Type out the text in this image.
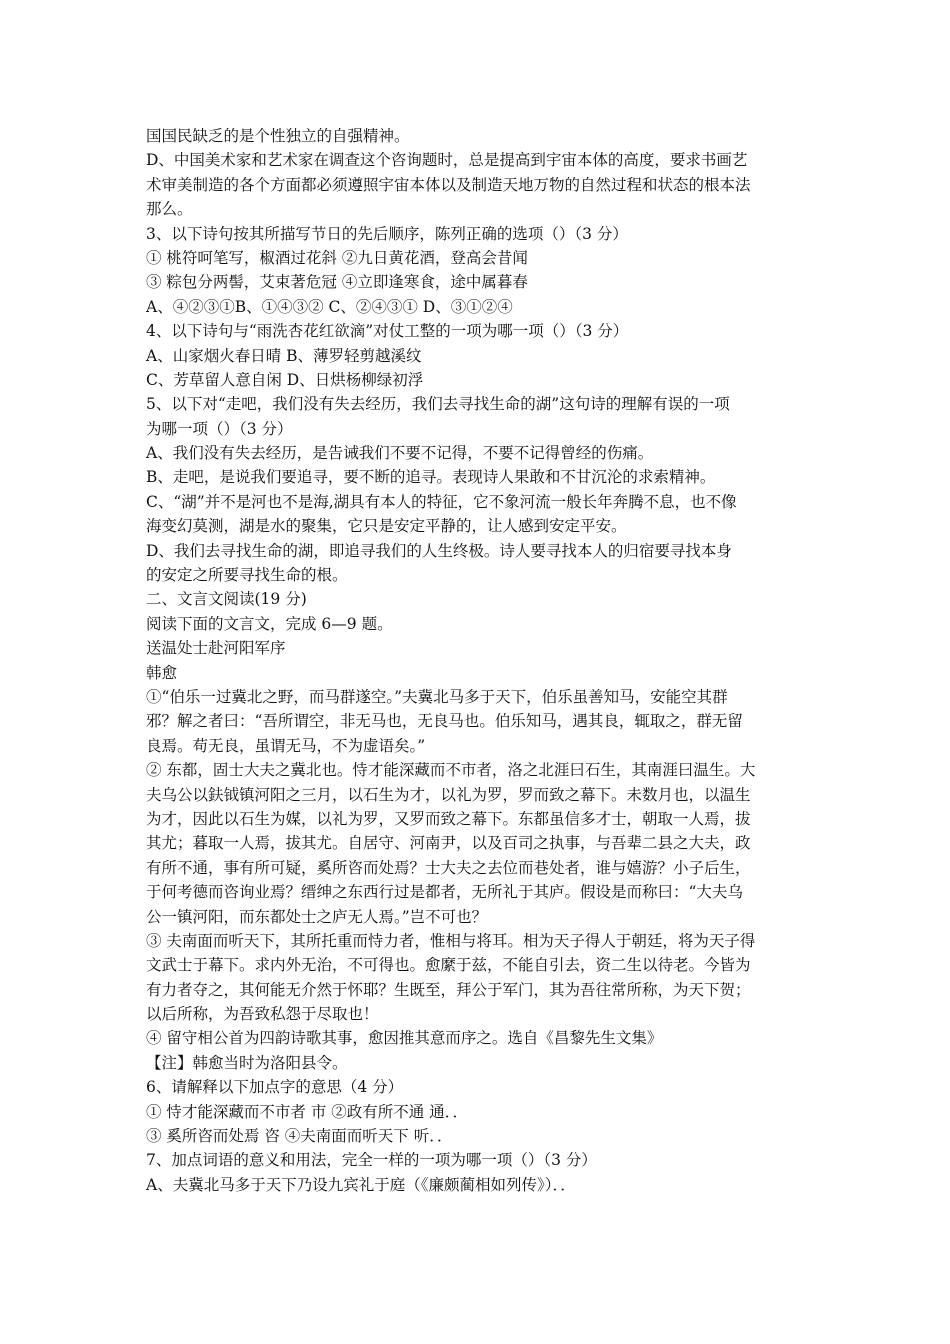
国国民缺乏的是个性独立的自强精神。
D、中国美术家和艺术家在调查这个咨询题时，总是提高到宇宙本体的高度，要求书画艺
术审美制造的各个方面都必须遵照宇宙本体以及制造天地万物的自然过程和状态的根本法
那么。
3、以下诗句按其所描写节日的先后顺序，陈列正确的选项（）（3 分）
① 桃符呵笔写，椒酒过花斜 ②九日黄花酒，登高会昔闻
③ 粽包分两髻，艾束著危冠 ④立即逢寒食，途中属暮春
A、④②③①B、①④③② C、②④③① D、③①②④
4、以下诗句与“雨洗杏花红欲滴”对仗工整的一项为哪一项（）（3 分）
A、山家烟火春日晴 B、薄罗轻剪越溪纹
C、芳草留人意自闲 D、日烘杨柳绿初浮
5、以下对“走吧，我们没有失去经历，我们去寻找生命的湖”这句诗的理解有误的一项
为哪一项（）（3 分）
A、我们没有失去经历，是告诫我们不要不记得，不要不记得曾经的伤痛。
B、走吧，是说我们要追寻，要不断的追寻。表现诗人果敢和不甘沉沦的求索精神。
C、“湖”并不是河也不是海,湖具有本人的特征，它不象河流一般长年奔腾不息，也不像
海变幻莫测，湖是水的聚集，它只是安定平静的，让人感到安定平安。
D、我们去寻找生命的湖，即追寻我们的人生终极。诗人要寻找本人的归宿要寻找本身
的安定之所要寻找生命的根。
二、文言文阅读(19 分)
阅读下面的文言文，完成 6—9 题。
送温处士赴河阳军序
韩愈
①“伯乐一过冀北之野，而马群遂空。”夫冀北马多于天下，伯乐虽善知马，安能空其群
邪？解之者曰：“吾所谓空，非无马也，无良马也。伯乐知马，遇其良，辄取之，群无留
良焉。苟无良，虽谓无马，不为虚语矣。”
② 东都，固士大夫之冀北也。恃才能深藏而不市者，洛之北涯曰石生，其南涯曰温生。大
夫乌公以鈇钺镇河阳之三月，以石生为才，以礼为罗，罗而致之幕下。未数月也，以温生
为才，因此以石生为媒，以礼为罗，又罗而致之幕下。东都虽信多才士，朝取一人焉，拔
其尤；暮取一人焉，拔其尤。自居守、河南尹，以及百司之执事，与吾辈二县之大夫，政
有所不通，事有所可疑，奚所咨而处焉？士大夫之去位而巷处者，谁与嬉游？小子后生，
于何考德而咨询业焉？缙绅之东西行过是都者，无所礼于其庐。假设是而称曰：“大夫乌
公一镇河阳，而东都处士之庐无人焉。”岂不可也？
③ 夫南面而听天下，其所托重而恃力者，惟相与将耳。相为天子得人于朝廷，将为天子得
文武士于幕下。求内外无治，不可得也。愈縻于兹，不能自引去，资二生以待老。今皆为
有力者夺之，其何能无介然于怀耶？生既至，拜公于军门，其为吾往常所称，为天下贺；
以后所称，为吾致私怨于尽取也！
④ 留守相公首为四韵诗歌其事，愈因推其意而序之。选自《昌黎先生文集》
【注】韩愈当时为洛阳县令。
6、请解释以下加点字的意思（4 分）
① 恃才能深藏而不市者 市 ②政有所不通 通．．
③ 奚所咨而处焉 咨 ④夫南面而听天下 听．．
7、加点词语的意义和用法，完全一样的一项为哪一项（）（3 分）
A、夫冀北马多于天下乃设九宾礼于庭（《廉颇蔺相如列传》）．．
